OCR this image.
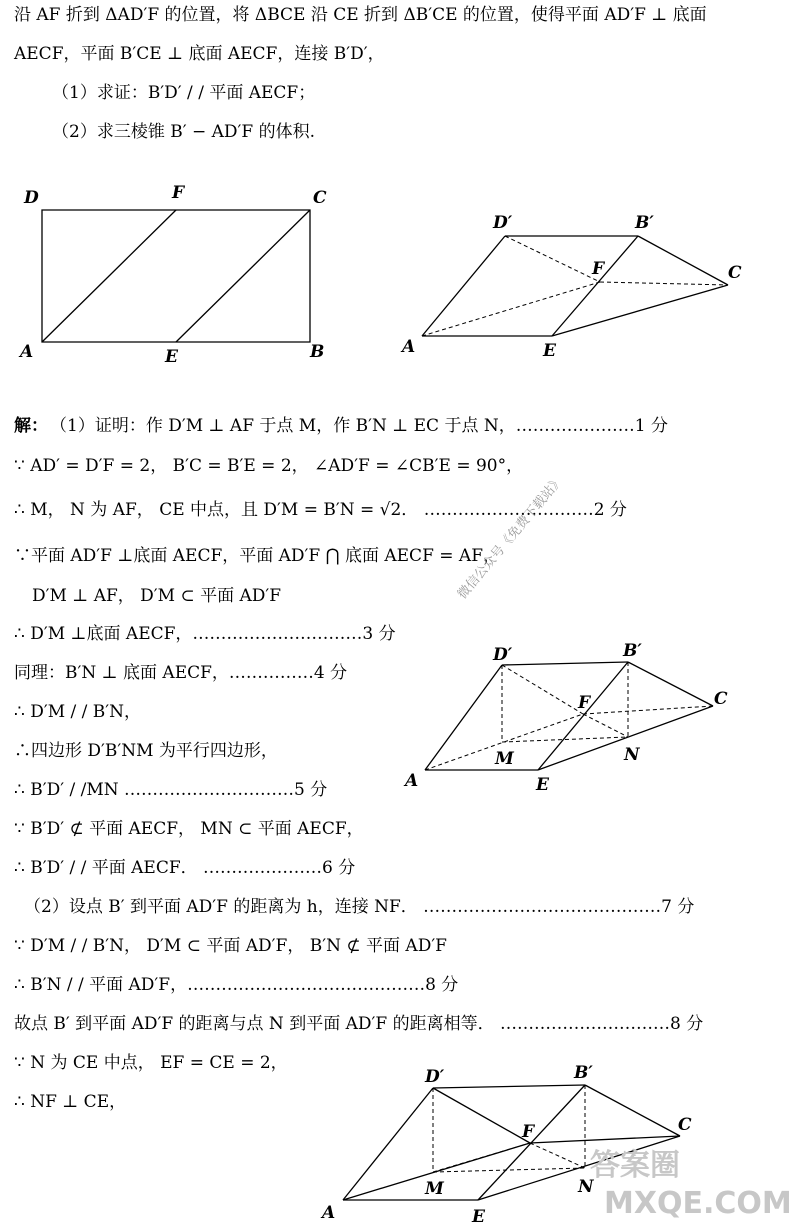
沿 AF 折到 ΔAD′F 的位置，将 ΔBCE 沿 CE 折到 ΔB′CE 的位置，使得平面 AD′F ⊥ 底面
AECF，平面 B′CE ⊥ 底面 AECF，连接 B′D′，
（1）求证：B′D′ / / 平面 AECF；
（2）求三棱锥 B′ − AD′F 的体积.
D	F	C
A	E	B
D′	B′
F	C
A	E
D′	B′
F	C
A
M
E
N
D′	B′
F	C
A
M
E
N
解： （1）证明：作 D′M ⊥ AF 于点 M，作 B′N ⊥ EC 于点 N，…………………1 分
∵ AD′ = D′F = 2， B′C = B′E = 2， ∠AD′F = ∠CB′E = 90°，
∴ M， N 为 AF， CE 中点，且 D′M = B′N = √2． …………………………2 分
∵平面 AD′F ⊥底面 AECF，平面 AD′F ⋂ 底面 AECF = AF，
D′M ⊥ AF， D′M ⊂ 平面 AD′F
∴ D′M ⊥底面 AECF，…………………………3 分
同理：B′N ⊥ 底面 AECF，……………4 分
∴ D′M / / B′N，
∴四边形 D′B′NM 为平行四边形，
∴ B′D′ / /MN …………………………5 分
∵ B′D′ ⊄ 平面 AECF， MN ⊂ 平面 AECF，
∴ B′D′ / / 平面 AECF． …………………6 分
（2）设点 B′ 到平面 AD′F 的距离为 h，连接 NF． ……………………………………7 分
∵ D′M / / B′N， D′M ⊂ 平面 AD′F， B′N ⊄ 平面 AD′F
∴ B′N / / 平面 AD′F，……………………………………8 分
故点 B′ 到平面 AD′F 的距离与点 N 到平面 AD′F 的距离相等． …………………………8 分
∵ N 为 CE 中点， EF = CE = 2，
∴ NF ⊥ CE，
微信公众号《免费下载站》
答案圈
MXQE.COM
